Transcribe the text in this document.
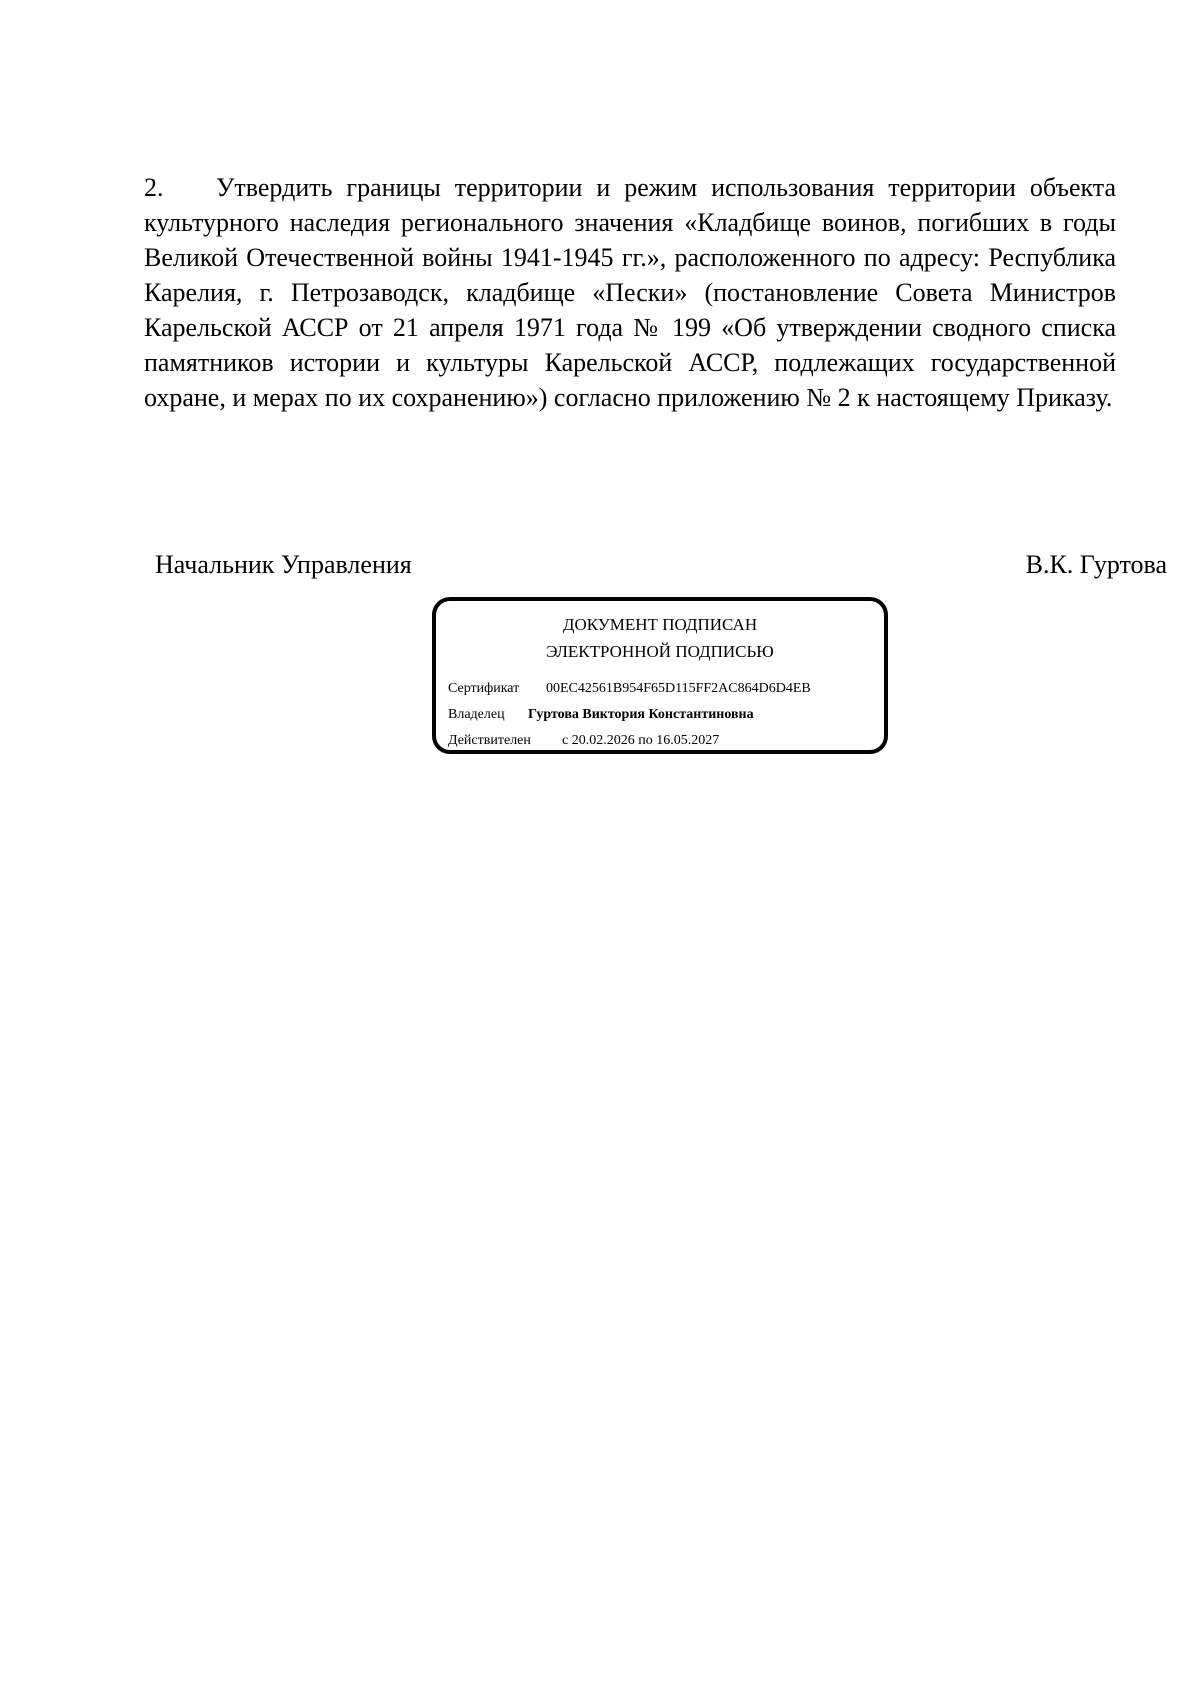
2. Утвердить границы территории и режим использования территории объекта культурного наследия регионального значения «Кладбище воинов, погибших в годы Великой Отечественной войны 1941-1945 гг.», расположенного по адресу: Республика Карелия, г. Петрозаводск, кладбище «Пески» (постановление Совета Министров Карельской АССР от 21 апреля 1971 года № 199 «Об утверждении сводного списка памятников истории и культуры Карельской АССР, подлежащих государственной охране, и мерах по их сохранению») согласно приложению № 2 к настоящему Приказу.
Начальник Управления	В.К. Гуртова
ДОКУМЕНТ ПОДПИСАН
ЭЛЕКТРОННОЙ ПОДПИСЬЮ
Сертификат 00EC42561B954F65D115FF2AC864D6D4EB
Владелец Гуртова Виктория Константиновна
Действителен с 20.02.2026 по 16.05.2027
